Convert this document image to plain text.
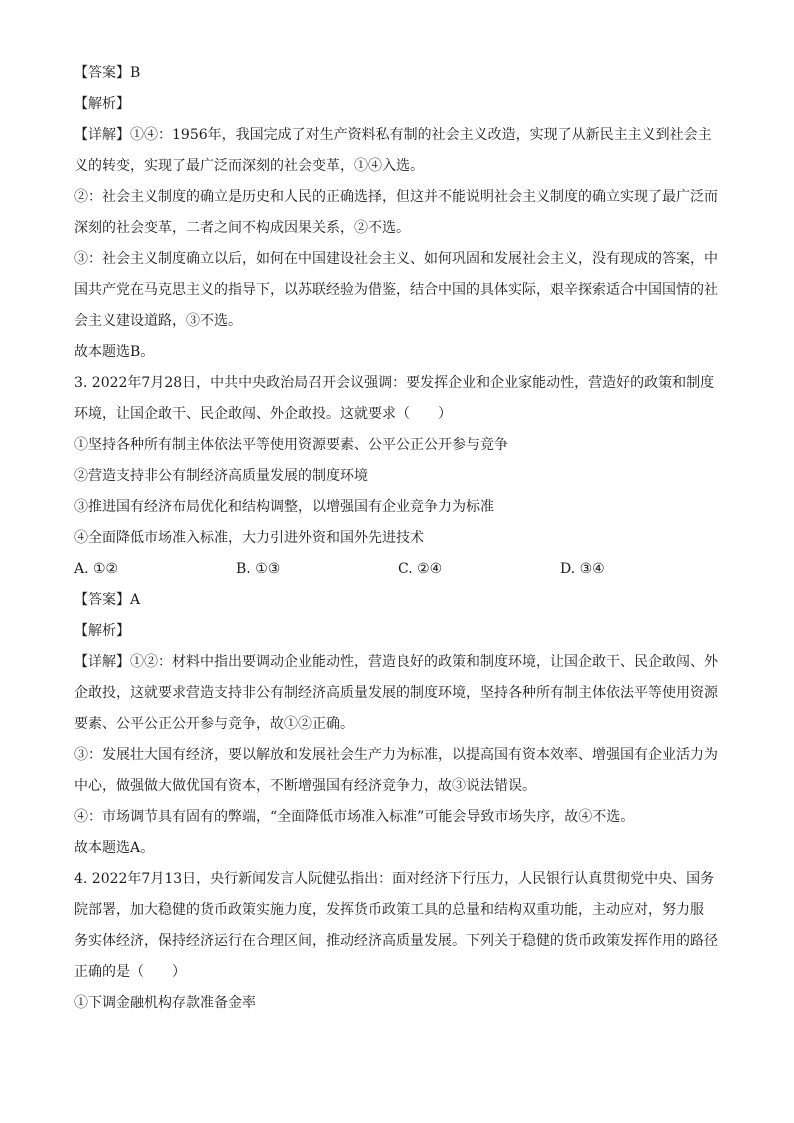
【答案】B
【解析】
【详解】①④：1956年，我国完成了对生产资料私有制的社会主义改造，实现了从新民主主义到社会主
义的转变，实现了最广泛而深刻的社会变革，①④入选。
②：社会主义制度的确立是历史和人民的正确选择，但这并不能说明社会主义制度的确立实现了最广泛而
深刻的社会变革，二者之间不构成因果关系，②不选。
③：社会主义制度确立以后，如何在中国建设社会主义、如何巩固和发展社会主义，没有现成的答案，中
国共产党在马克思主义的指导下，以苏联经验为借鉴，结合中国的具体实际，艰辛探索适合中国国情的社
会主义建设道路，③不选。
故本题选B。
3. 2022年7月28日，中共中央政治局召开会议强调：要发挥企业和企业家能动性，营造好的政策和制度
环境，让国企敢干、民企敢闯、外企敢投。这就要求（　　）
①坚持各种所有制主体依法平等使用资源要素、公平公正公开参与竞争
②营造支持非公有制经济高质量发展的制度环境
③推进国有经济布局优化和结构调整，以增强国有企业竞争力为标准
④全面降低市场准入标准，大力引进外资和国外先进技术
A. ①②	B. ①③	C. ②④	D. ③④
【答案】A
【解析】
【详解】①②：材料中指出要调动企业能动性，营造良好的政策和制度环境，让国企敢干、民企敢闯、外
企敢投，这就要求营造支持非公有制经济高质量发展的制度环境，坚持各种所有制主体依法平等使用资源
要素、公平公正公开参与竞争，故①②正确。
③：发展壮大国有经济，要以解放和发展社会生产力为标准，以提高国有资本效率、增强国有企业活力为
中心，做强做大做优国有资本，不断增强国有经济竞争力，故③说法错误。
④：市场调节具有固有的弊端，“全面降低市场准入标准”可能会导致市场失序，故④不选。
故本题选A。
4. 2022年7月13日，央行新闻发言人阮健弘指出：面对经济下行压力，人民银行认真贯彻党中央、国务
院部署，加大稳健的货币政策实施力度，发挥货币政策工具的总量和结构双重功能，主动应对，努力服
务实体经济，保持经济运行在合理区间，推动经济高质量发展。下列关于稳健的货币政策发挥作用的路径
正确的是（　　）
①下调金融机构存款准备金率
